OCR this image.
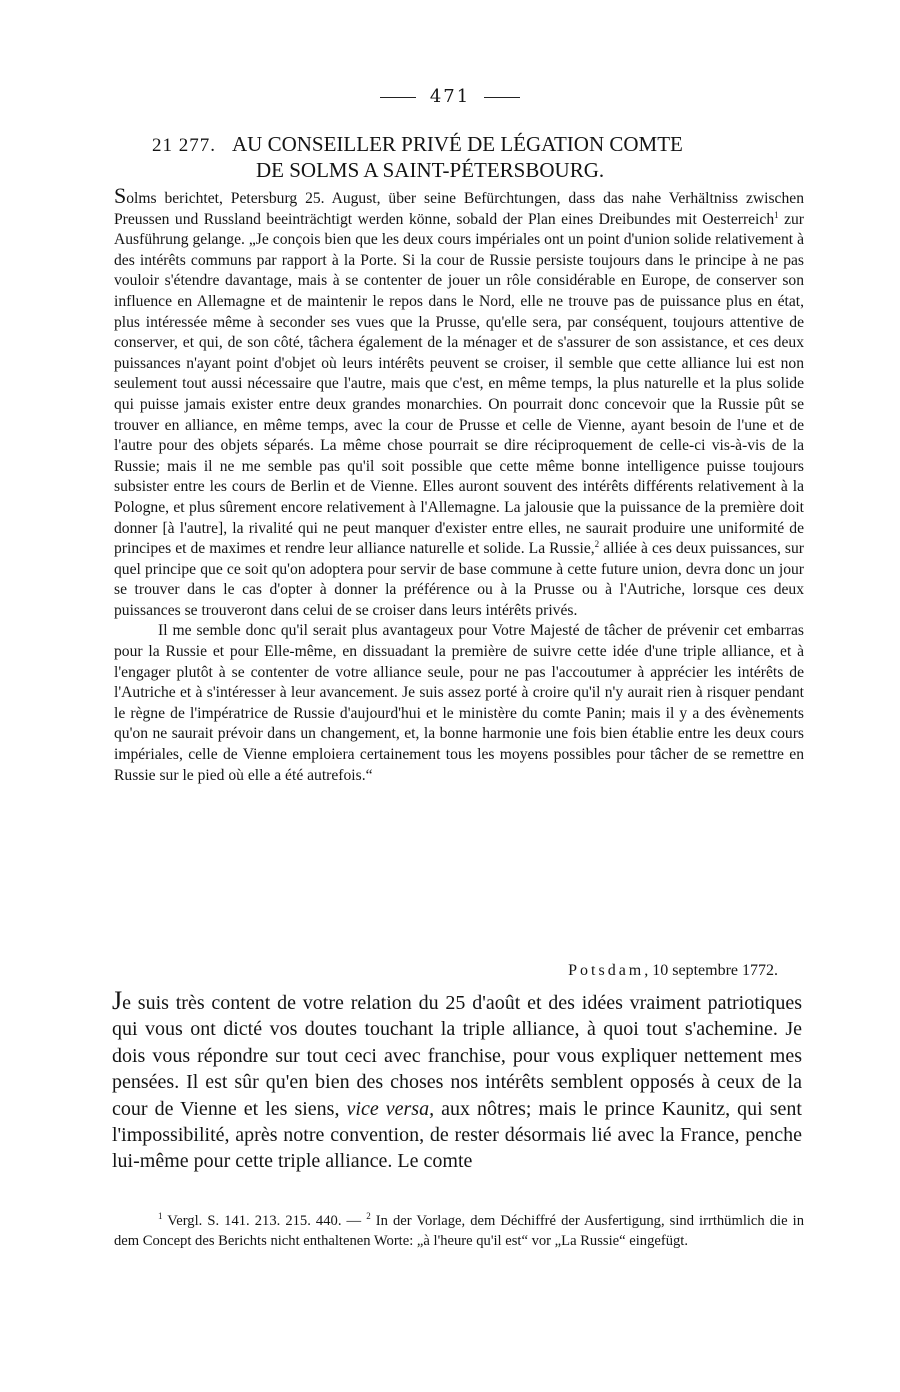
471
21 277. AU CONSEILLER PRIVÉ DE LÉGATION COMTE
DE SOLMS A SAINT-PÉTERSBOURG.

Solms berichtet, Petersburg 25. August, über seine Befürchtungen, dass das nahe Verhältniss zwischen Preussen und Russland beeinträchtigt werden könne, sobald der Plan eines Dreibundes mit Oesterreich$^1$ zur Ausführung gelange. „Je conçois bien que les deux cours impériales ont un point d'union solide relativement à des intérêts communs par rapport à la Porte. Si la cour de Russie persiste toujours dans le principe à ne pas vouloir s'étendre davantage, mais à se contenter de jouer un rôle considérable en Europe, de conserver son influence en Allemagne et de maintenir le repos dans le Nord, elle ne trouve pas de puissance plus en état, plus intéressée même à seconder ses vues que la Prusse, qu'elle sera, par conséquent, toujours attentive de conserver, et qui, de son côté, tâchera également de la ménager et de s'assurer de son assistance, et ces deux puissances n'ayant point d'objet où leurs intérêts peuvent se croiser, il semble que cette alliance lui est non seulement tout aussi nécessaire que l'autre, mais que c'est, en même temps, la plus naturelle et la plus solide qui puisse jamais exister entre deux grandes monarchies. On pourrait donc concevoir que la Russie pût se trouver en alliance, en même temps, avec la cour de Prusse et celle de Vienne, ayant besoin de l'une et de l'autre pour des objets séparés. La même chose pourrait se dire réciproquement de celle-ci vis-à-vis de la Russie; mais il ne me semble pas qu'il soit possible que cette même bonne intelligence puisse toujours subsister entre les cours de Berlin et de Vienne. Elles auront souvent des intérêts différents relativement à la Pologne, et plus sûrement encore relativement à l'Allemagne. La jalousie que la puissance de la première doit donner [à l'autre], la rivalité qui ne peut manquer d'exister entre elles, ne saurait produire une uniformité de principes et de maximes et rendre leur alliance naturelle et solide. La Russie,$^2$ alliée à ces deux puissances, sur quel principe que ce soit qu'on adoptera pour servir de base commune à cette future union, devra donc un jour se trouver dans le cas d'opter à donner la préférence ou à la Prusse ou à l'Autriche, lorsque ces deux puissances se trouveront dans celui de se croiser dans leurs intérêts privés.

Il me semble donc qu'il serait plus avantageux pour Votre Majesté de tâcher de prévenir cet embarras pour la Russie et pour Elle-même, en dissuadant la première de suivre cette idée d'une triple alliance, et à l'engager plutôt à se contenter de votre alliance seule, pour ne pas l'accoutumer à apprécier les intérêts de l'Autriche et à s'intéresser à leur avancement. Je suis assez porté à croire qu'il n'y aurait rien à risquer pendant le règne de l'impératrice de Russie d'aujourd'hui et le ministère du comte Panin; mais il y a des évènements qu'on ne saurait prévoir dans un changement, et, la bonne harmonie une fois bien établie entre les deux cours impériales, celle de Vienne emploiera certainement tous les moyens possibles pour tâcher de se remettre en Russie sur le pied où elle a été autrefois.“

Potsdam, 10 septembre 1772.

Je suis très content de votre relation du 25 d'août et des idées vraiment patriotiques qui vous ont dicté vos doutes touchant la triple alliance, à quoi tout s'achemine. Je dois vous répondre sur tout ceci avec franchise, pour vous expliquer nettement mes pensées. Il est sûr qu'en bien des choses nos intérêts semblent opposés à ceux de la cour de Vienne et les siens, vice versa, aux nôtres; mais le prince Kaunitz, qui sent l'impossibilité, après notre convention, de rester désormais lié avec la France, penche lui-même pour cette triple alliance. Le comte

$^1$ Vergl. S. 141. 213. 215. 440. — $^2$ In der Vorlage, dem Déchiffré der Ausfertigung, sind irrthümlich die in dem Concept des Berichts nicht enthaltenen Worte: „à l'heure qu'il est“ vor „La Russie“ eingefügt.
